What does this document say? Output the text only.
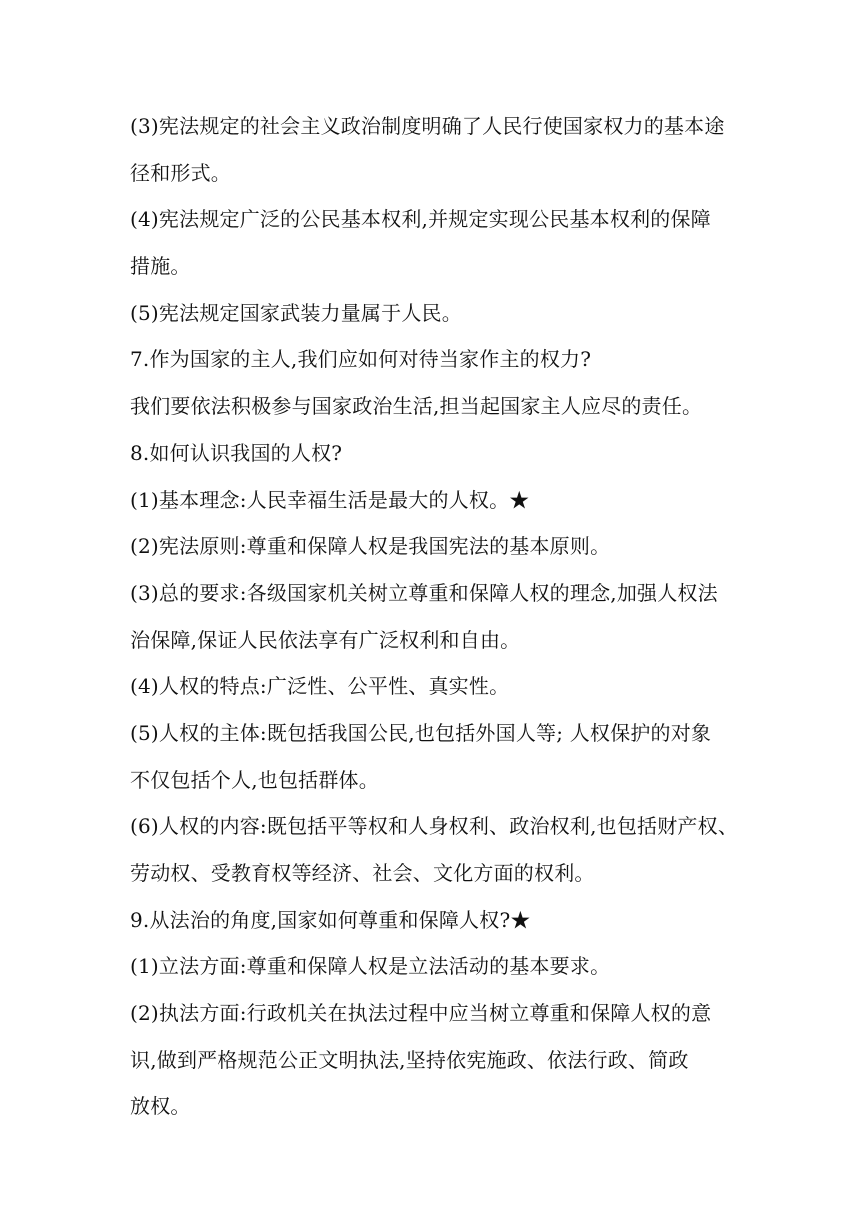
(3)宪法规定的社会主义政治制度明确了人民行使国家权力的基本途
径和形式。
(4)宪法规定广泛的公民基本权利,并规定实现公民基本权利的保障
措施。
(5)宪法规定国家武装力量属于人民。
7.作为国家的主人,我们应如何对待当家作主的权力?
我们要依法积极参与国家政治生活,担当起国家主人应尽的责任。
8.如何认识我国的人权?
(1)基本理念:人民幸福生活是最大的人权。★
(2)宪法原则:尊重和保障人权是我国宪法的基本原则。
(3)总的要求:各级国家机关树立尊重和保障人权的理念,加强人权法
治保障,保证人民依法享有广泛权利和自由。
(4)人权的特点:广泛性、公平性、真实性。
(5)人权的主体:既包括我国公民,也包括外国人等; 人权保护的对象
不仅包括个人,也包括群体。
(6)人权的内容:既包括平等权和人身权利、政治权利,也包括财产权、
劳动权、受教育权等经济、社会、文化方面的权利。
9.从法治的角度,国家如何尊重和保障人权?★
(1)立法方面:尊重和保障人权是立法活动的基本要求。
(2)执法方面:行政机关在执法过程中应当树立尊重和保障人权的意
识,做到严格规范公正文明执法,坚持依宪施政、依法行政、简政
放权。
